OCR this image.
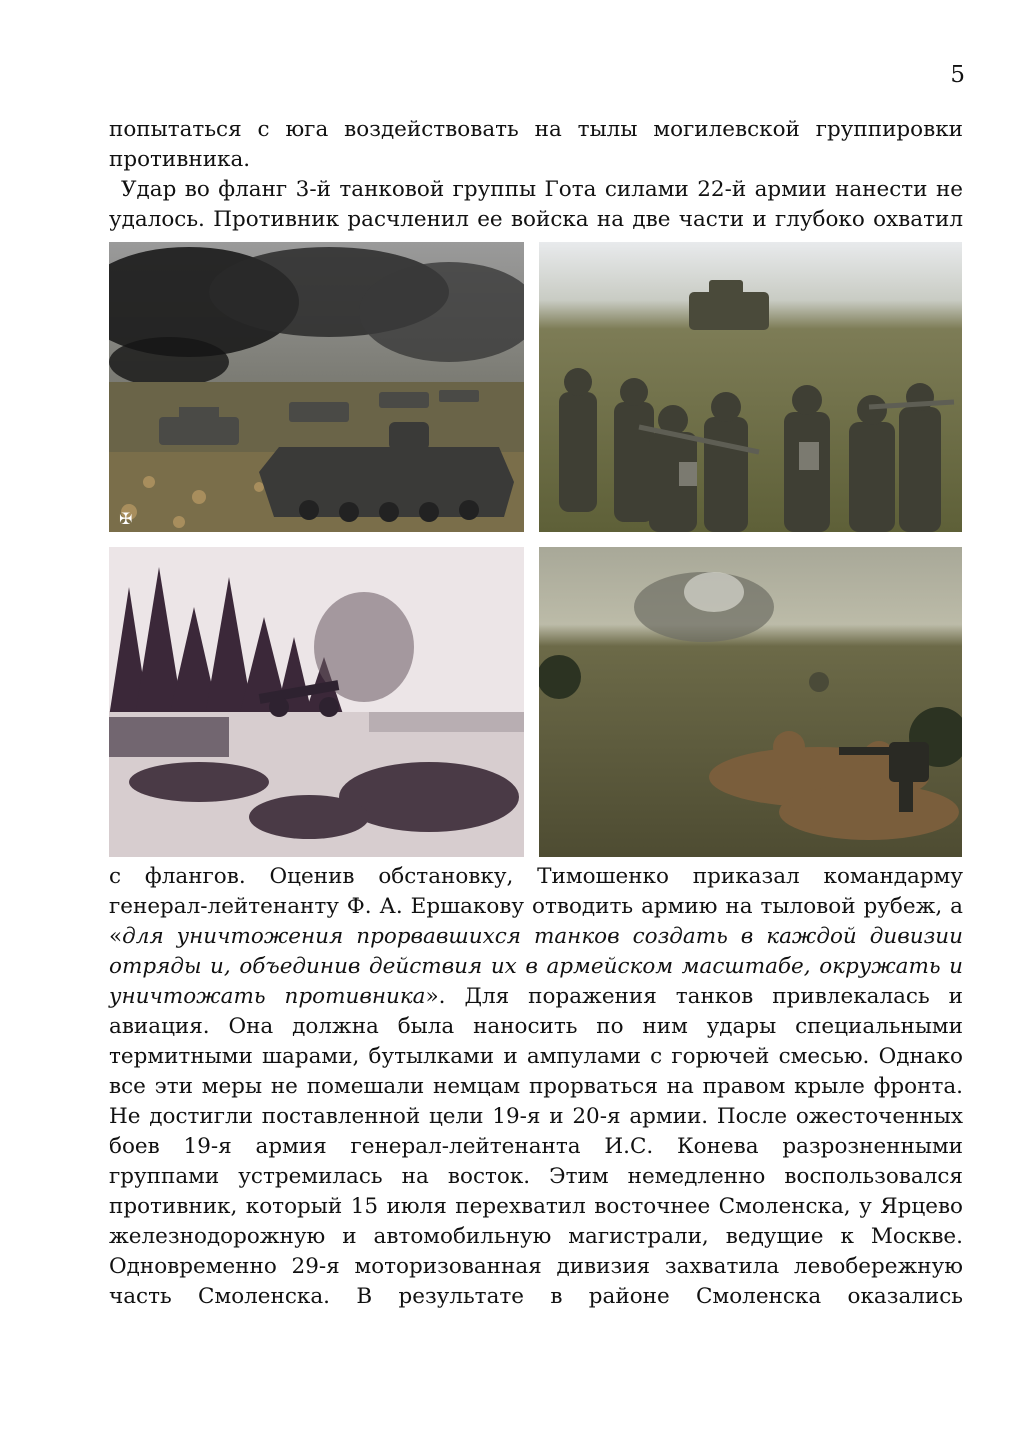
5

попытаться с юга воздействовать на тылы могилевской группировки противника.

Удар во фланг 3-й танковой группы Гота силами 22-й армии нанести не удалось. Противник расчленил ее войска на две части и глубоко охватил

✠

с флангов. Оценив обстановку, Тимошенко приказал командарму генерал-лейтенанту Ф. А. Ершакову отводить армию на тыловой рубеж, а «для уничтожения прорвавшихся танков создать в каждой дивизии отряды и, объединив действия их в армейском масштабе, окружать и уничтожать противника». Для поражения танков привлекалась и авиация. Она должна была наносить по ним удары специальными термитными шарами, бутылками и ампулами с горючей смесью. Однако все эти меры не помешали немцам прорваться на правом крыле фронта. Не достигли поставленной цели 19-я и 20-я армии. После ожесточенных боев 19-я армия генерал-лейтенанта И.С. Конева разрозненными группами устремилась на восток. Этим немедленно воспользовался противник, который 15 июля перехватил восточнее Смоленска, у Ярцево железнодорожную и автомобильную магистрали, ведущие к Москве. Одновременно 29-я моторизованная дивизия захватила левобережную часть Смоленска. В результате в районе Смоленска оказались
